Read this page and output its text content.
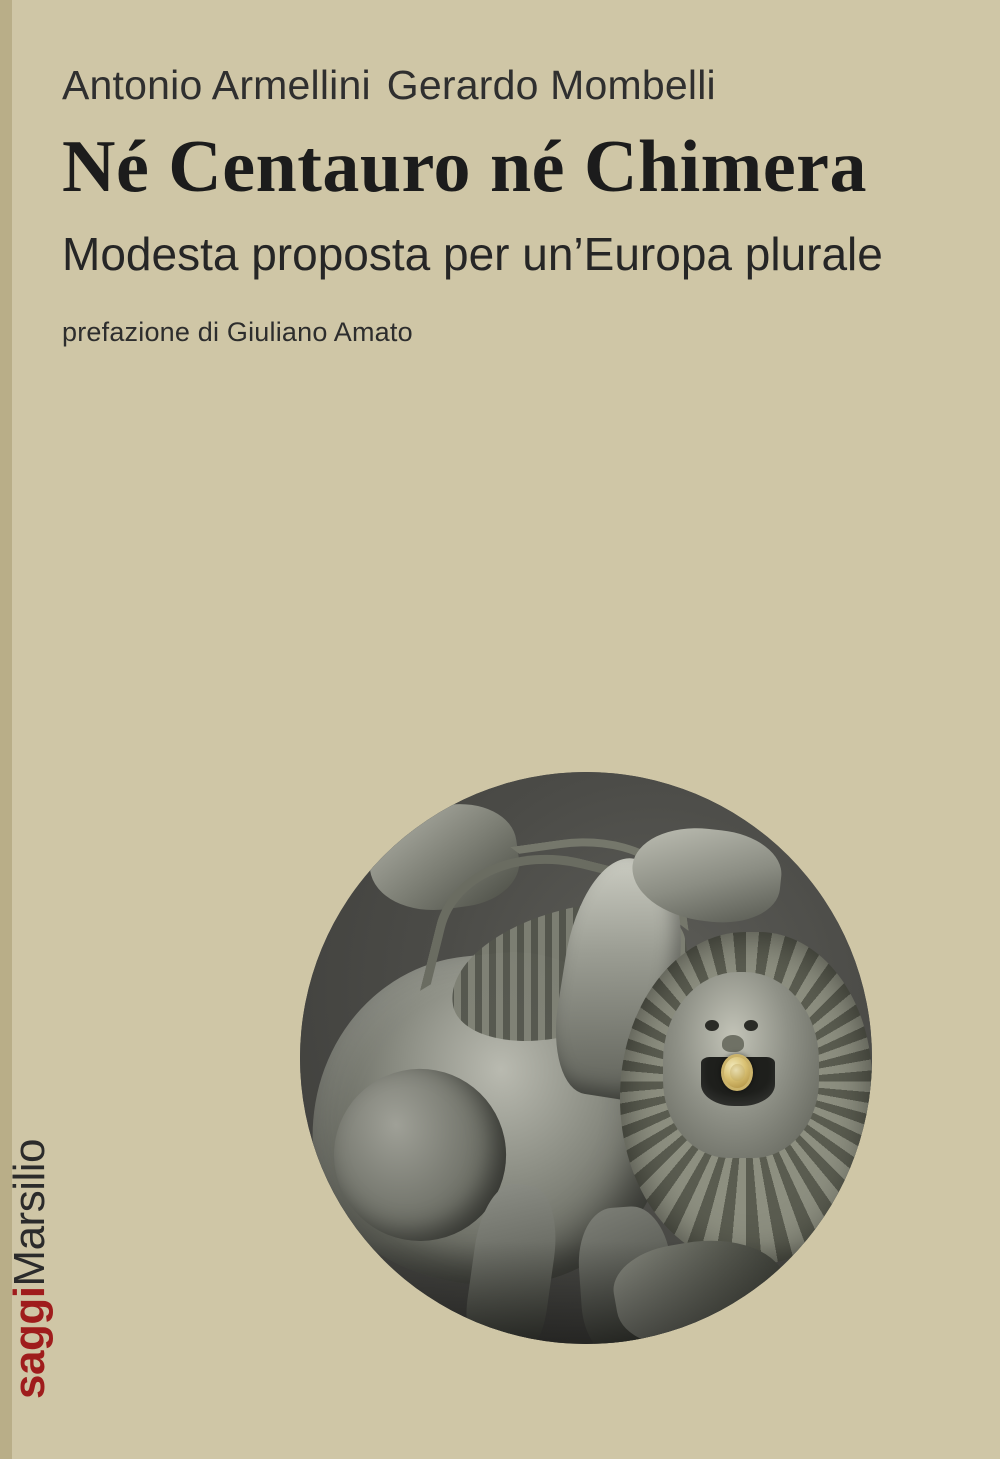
saggiMarsilio
Antonio Armellini Gerardo Mombelli
Né Centauro né Chimera
Modesta proposta per un’Europa plurale
prefazione di Giuliano Amato
